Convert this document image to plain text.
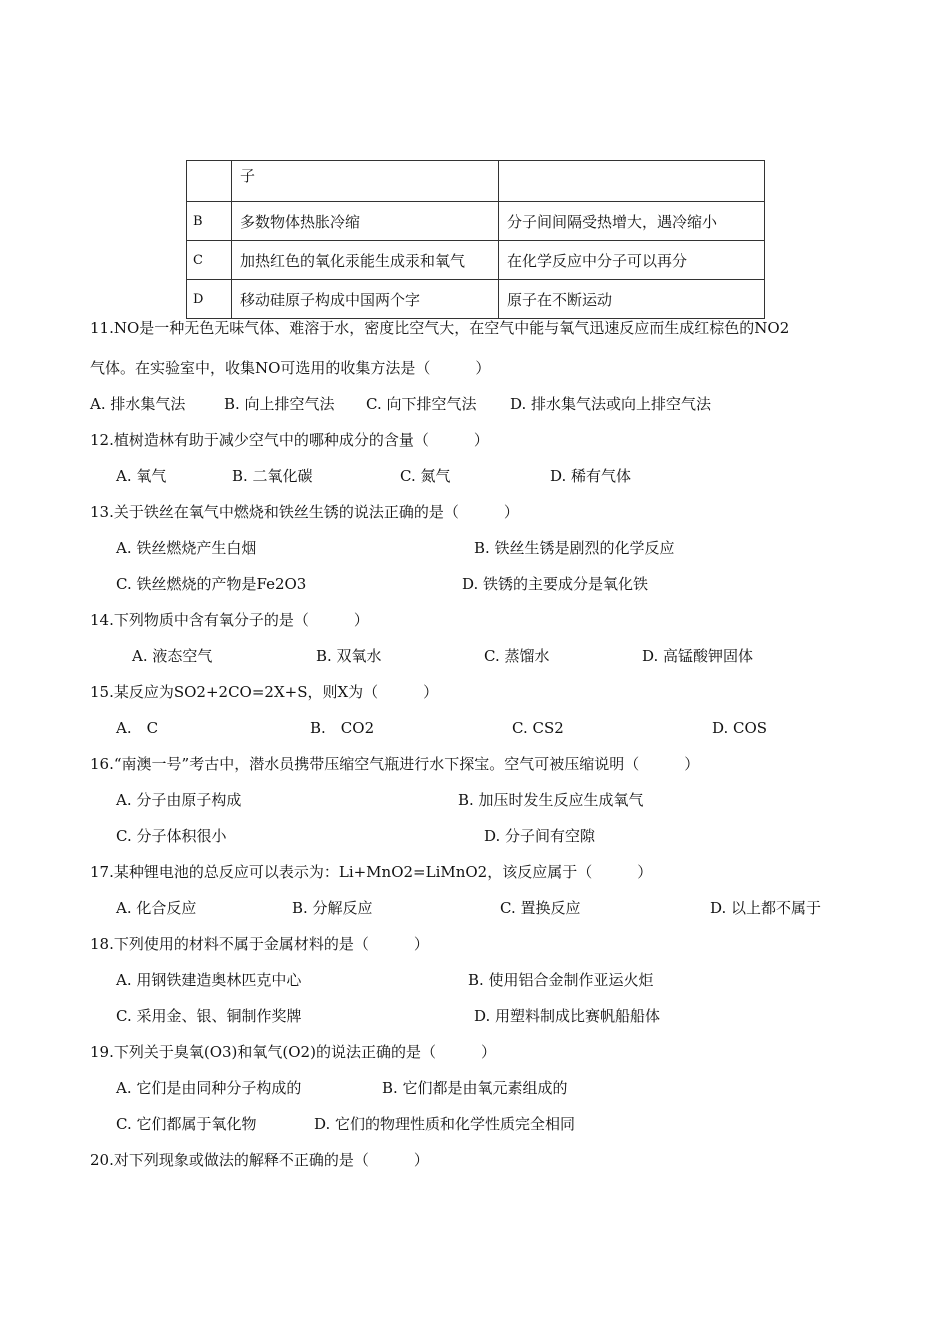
	子	
B	多数物体热胀冷缩	分子间间隔受热增大，遇冷缩小
C	加热红色的氧化汞能生成汞和氧气	在化学反应中分子可以再分
D	移动硅原子构成中国两个字	原子在不断运动
11.NO是一种无色无味气体、难溶于水，密度比空气大，在空气中能与氧气迅速反应而生成红棕色的NO2
气体。在实验室中，收集NO可选用的收集方法是（　　　）
A. 排水集气法	B. 向上排空气法 C. 向下排空气法 D. 排水集气法或向上排空气法
12.植树造林有助于减少空气中的哪种成分的含量（　　　）
A. 氧气	B. 二氧化碳	C. 氮气	D. 稀有气体
13.关于铁丝在氧气中燃烧和铁丝生锈的说法正确的是（　　　）
A. 铁丝燃烧产生白烟	B. 铁丝生锈是剧烈的化学反应
C. 铁丝燃烧的产物是Fe2O3	D. 铁锈的主要成分是氧化铁
14.下列物质中含有氧分子的是（　　　）
A. 液态空气	B. 双氧水	C. 蒸馏水	D. 高锰酸钾固体
15.某反应为SO2+2CO=2X+S，则X为（　　　）
A.　C	B.　CO2	C. CS2	D. COS
16.“南澳一号”考古中，潜水员携带压缩空气瓶进行水下探宝。空气可被压缩说明（　　　）
A. 分子由原子构成	B. 加压时发生反应生成氧气
C. 分子体积很小	D. 分子间有空隙
17.某种锂电池的总反应可以表示为：Li+MnO2=LiMnO2，该反应属于（　　　）
A. 化合反应	B. 分解反应	C. 置换反应	D. 以上都不属于
18.下列使用的材料不属于金属材料的是（　　　）
A. 用钢铁建造奥林匹克中心	B. 使用铝合金制作亚运火炬
C. 采用金、银、铜制作奖牌	D. 用塑料制成比赛帆船船体
19.下列关于臭氧(O3)和氧气(O2)的说法正确的是（　　　）
A. 它们是由同种分子构成的	B. 它们都是由氧元素组成的
C. 它们都属于氧化物	D. 它们的物理性质和化学性质完全相同
20.对下列现象或做法的解释不正确的是（　　　）
